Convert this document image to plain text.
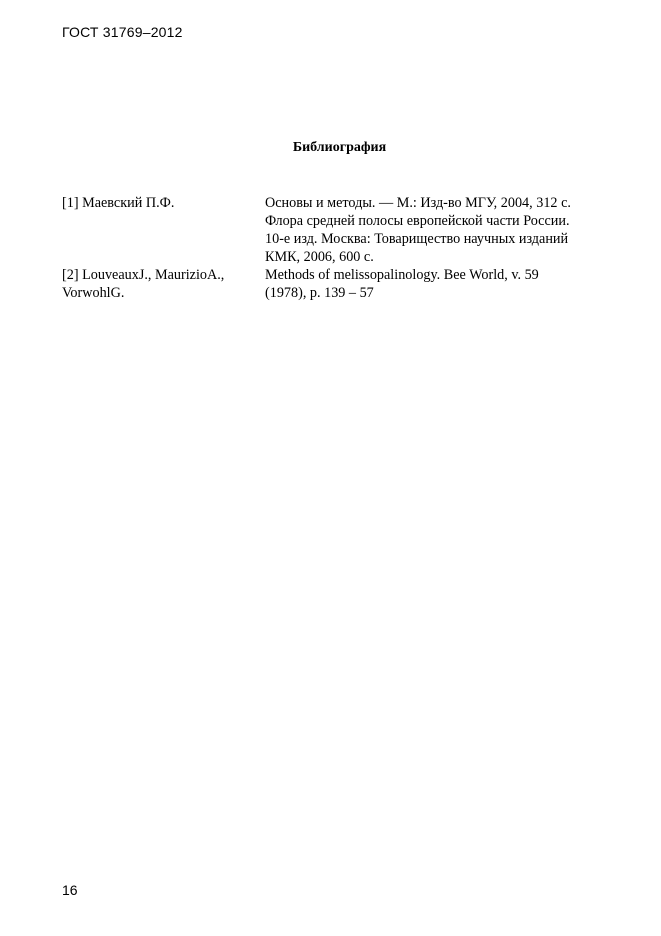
ГОСТ 31769–2012
Библиография
[1] Маевский П.Ф.	Основы и методы. — М.: Изд-во МГУ, 2004, 312 с.
Флора средней полосы европейской части России.
10-е изд. Москва: Товарищество научных изданий
КМК, 2006, 600 с.
[2] LouveauxJ., MaurizioA.,
VorwohlG.
Methods of melissopalinology. Bee World, v. 59
(1978), p. 139 – 57
16
